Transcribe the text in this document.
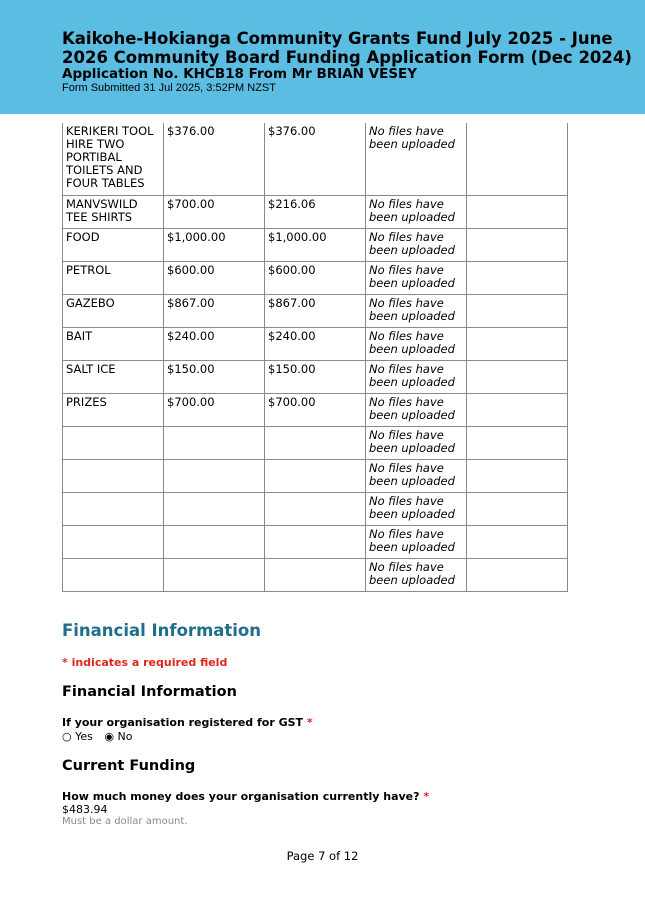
Kaikohe-Hokianga Community Grants Fund July 2025 - June 2026 Community Board Funding Application Form (Dec 2024)
Application No. KHCB18 From Mr BRIAN VESEY
Form Submitted 31 Jul 2025, 3:52PM NZST
KERIKERI TOOL HIRE TWO PORTIBAL TOILETS AND FOUR TABLES	$376.00	$376.00	No files have been uploaded	
MANVSWILD TEE SHIRTS	$700.00	$216.06	No files have been uploaded	
FOOD	$1,000.00	$1,000.00	No files have been uploaded	
PETROL	$600.00	$600.00	No files have been uploaded	
GAZEBO	$867.00	$867.00	No files have been uploaded	
BAIT	$240.00	$240.00	No files have been uploaded	
SALT ICE	$150.00	$150.00	No files have been uploaded	
PRIZES	$700.00	$700.00	No files have been uploaded	
			No files have been uploaded	
			No files have been uploaded	
			No files have been uploaded	
			No files have been uploaded	
			No files have been uploaded	
Financial Information
* indicates a required field
Financial Information
If your organisation registered for GST *
○ Yes ◉ No
Current Funding
How much money does your organisation currently have? *
$483.94
Must be a dollar amount.
Page 7 of 12
